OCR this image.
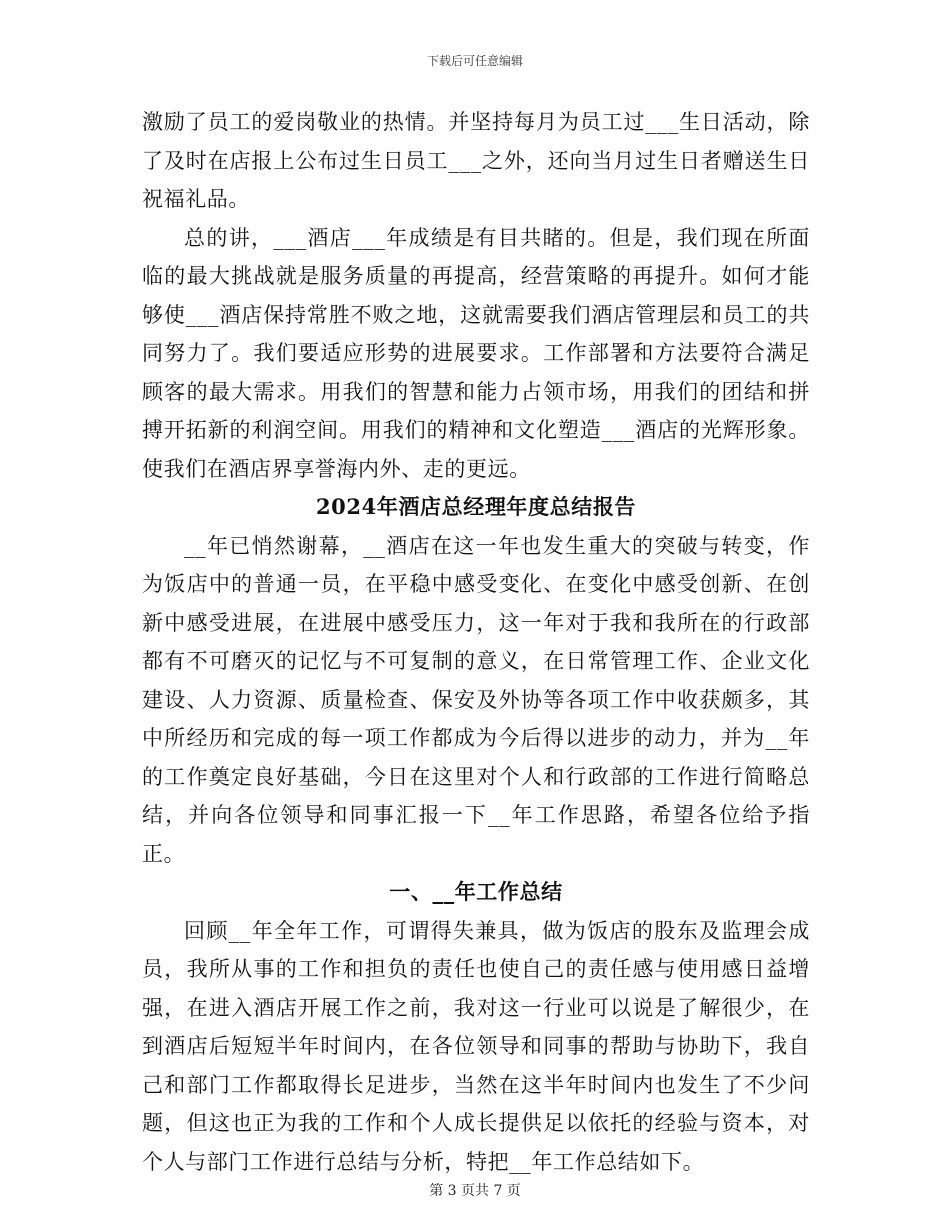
下载后可任意编辑

激励了员工的爱岗敬业的热情。并坚持每月为员工过___生日活动，除了及时在店报上公布过生日员工___之外，还向当月过生日者赠送生日祝福礼品。

总的讲，___酒店___年成绩是有目共睹的。但是，我们现在所面临的最大挑战就是服务质量的再提高，经营策略的再提升。如何才能够使___酒店保持常胜不败之地，这就需要我们酒店管理层和员工的共同努力了。我们要适应形势的进展要求。工作部署和方法要符合满足顾客的最大需求。用我们的智慧和能力占领市场，用我们的团结和拼搏开拓新的利润空间。用我们的精神和文化塑造___酒店的光辉形象。使我们在酒店界享誉海内外、走的更远。

2024年酒店总经理年度总结报告

__年已悄然谢幕，__酒店在这一年也发生重大的突破与转变，作为饭店中的普通一员，在平稳中感受变化、在变化中感受创新、在创新中感受进展，在进展中感受压力，这一年对于我和我所在的行政部都有不可磨灭的记忆与不可复制的意义，在日常管理工作、企业文化建设、人力资源、质量检查、保安及外协等各项工作中收获颇多，其中所经历和完成的每一项工作都成为今后得以进步的动力，并为__年的工作奠定良好基础，今日在这里对个人和行政部的工作进行简略总结，并向各位领导和同事汇报一下__年工作思路，希望各位给予指正。

一、__年工作总结

回顾__年全年工作，可谓得失兼具，做为饭店的股东及监理会成员，我所从事的工作和担负的责任也使自己的责任感与使用感日益增强，在进入酒店开展工作之前，我对这一行业可以说是了解很少，在到酒店后短短半年时间内，在各位领导和同事的帮助与协助下，我自己和部门工作都取得长足进步，当然在这半年时间内也发生了不少问题，但这也正为我的工作和个人成长提供足以依托的经验与资本，对个人与部门工作进行总结与分析，特把__年工作总结如下。

第 3 页共 7 页
